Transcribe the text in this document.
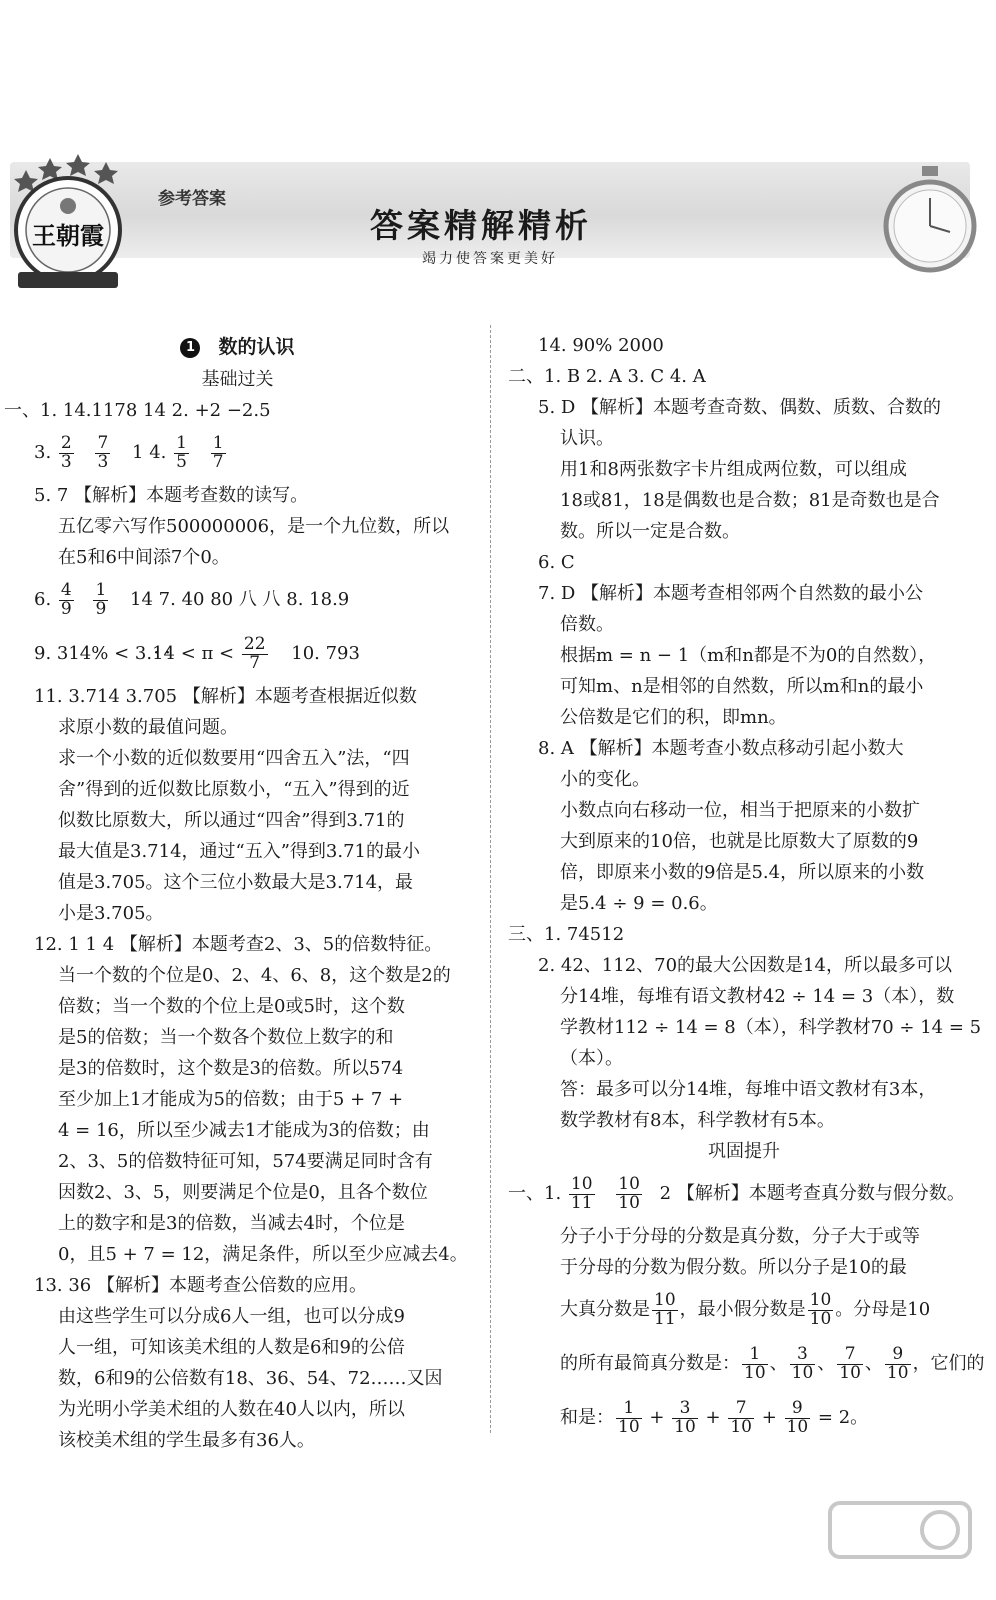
王朝霞
参考答案
答案精解精析
竭力使答案更美好
1 数的认识
基础过关
一、1. 14.1178 14 2. +2 −2.5
3. $\frac{2}{3}$
$\frac{7}{3} 1$ 4. $\frac{1}{5}$
$\frac{1}{7}$
5. 7 【解析】本题考查数的读写。
五亿零六写作500000006，是一个九位数，所以
在5和6中间添7个0。
6. $\frac{4}{9}$
$\frac{1}{9} 14$ 7. 40 80 八 八 8. 18.9
9. $314\% < 3.\cdot 1\cdot 4 < \pi < \frac{22}{7} 10$. 793
11. 3.714 3.705 【解析】本题考查根据近似数
求原小数的最值问题。
求一个小数的近似数要用“四舍五入”法，“四
舍”得到的近似数比原数小，“五入”得到的近
似数比原数大，所以通过“四舍”得到3.71的
最大值是3.714，通过“五入”得到3.71的最小
值是3.705。这个三位小数最大是3.714，最
小是3.705。
12. 1 1 4 【解析】本题考查2、3、5的倍数特征。
当一个数的个位是0、2、4、6、8，这个数是2的
倍数；当一个数的个位上是0或5时，这个数
是5的倍数；当一个数各个数位上数字的和
是3的倍数时，这个数是3的倍数。所以574
至少加上1才能成为5的倍数；由于5 + 7 +
4 = 16，所以至少减去1才能成为3的倍数；由
2、3、5的倍数特征可知，574要满足同时含有
因数2、3、5，则要满足个位是0，且各个数位
上的数字和是3的倍数，当减去4时，个位是
0，且5 + 7 = 12，满足条件，所以至少应减去4。
13. 36 【解析】本题考查公倍数的应用。
由这些学生可以分成6人一组，也可以分成9
人一组，可知该美术组的人数是6和9的公倍
数，6和9的公倍数有18、36、54、72……又因
为光明小学美术组的人数在40人以内，所以
该校美术组的学生最多有36人。
14. 90% 2000
二、1. B 2. A 3. C 4. A
5. D 【解析】本题考查奇数、偶数、质数、合数的
认识。
用1和8两张数字卡片组成两位数，可以组成
18或81，18是偶数也是合数；81是奇数也是合
数。所以一定是合数。
6. C
7. D 【解析】本题考查相邻两个自然数的最小公
倍数。
根据m = n − 1（m和n都是不为0的自然数），
可知m、n是相邻的自然数，所以m和n的最小
公倍数是它们的积，即mn。
8. A 【解析】本题考查小数点移动引起小数大
小的变化。
小数点向右移动一位，相当于把原来的小数扩
大到原来的10倍，也就是比原数大了原数的9
倍，即原来小数的9倍是5.4，所以原来的小数
是5.4 ÷ 9 = 0.6。
三、1. 74512
2. 42、112、70的最大公因数是14，所以最多可以
分14堆，每堆有语文教材42 ÷ 14 = 3（本），数
学教材112 ÷ 14 = 8（本），科学教材70 ÷ 14 = 5
（本）。
答：最多可以分14堆，每堆中语文教材有3本，
数学教材有8本，科学教材有5本。
巩固提升
一、1. $\frac{10}{11}$
$\frac{10}{10} 2$ 【解析】本题考查真分数与假分数。
分子小于分母的分数是真分数，分子大于或等
于分母的分数为假分数。所以分子是10的最
大真分数是 $\frac{10}{11}$ ，最小假分数是 $\frac{10}{10}$ 。分母是10
的所有最简真分数是： $\frac{1}{10}$ 、 $\frac{3}{10}$ 、 $\frac{7}{10}$ 、 $\frac{9}{10}$ ，它们的
和是： $\frac{1}{10} + \frac{3}{10} + \frac{7}{10} + \frac{9}{10} = 2$。
